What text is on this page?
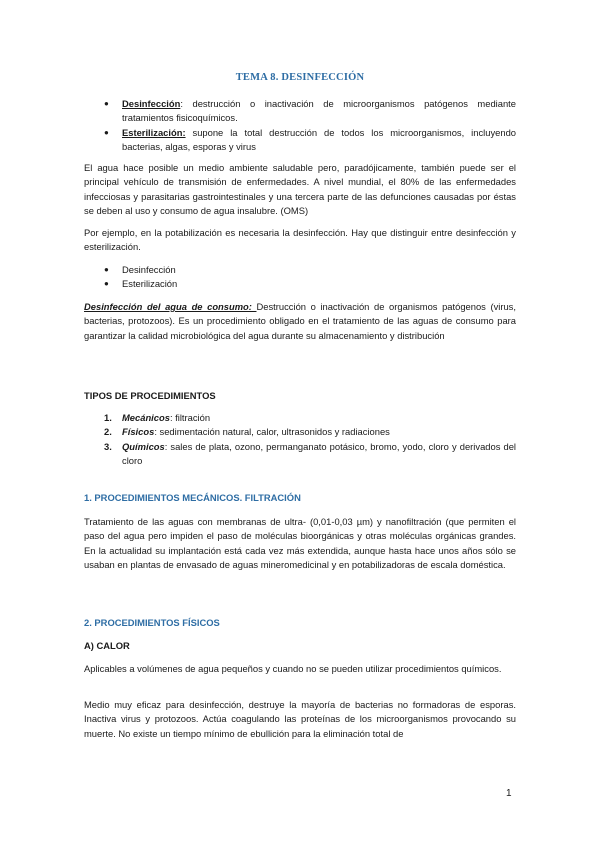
TEMA 8. DESINFECCIÓN
● Desinfección: destrucción o inactivación de microorganismos patógenos mediante tratamientos fisicoquímicos.
● Esterilización: supone la total destrucción de todos los microorganismos, incluyendo bacterias, algas, esporas y virus
El agua hace posible un medio ambiente saludable pero, paradójicamente, también puede ser el principal vehículo de transmisión de enfermedades. A nivel mundial, el 80% de las enfermedades infecciosas y parasitarias gastrointestinales y una tercera parte de las defunciones causadas por éstas se deben al uso y consumo de agua insalubre. (OMS)
Por ejemplo, en la potabilización es necesaria la desinfección. Hay que distinguir entre desinfección y esterilización.
● Desinfección
● Esterilización
Desinfección del agua de consumo: Destrucción o inactivación de organismos patógenos (virus, bacterias, protozoos). Es un procedimiento obligado en el tratamiento de las aguas de consumo para garantizar la calidad microbiológica del agua durante su almacenamiento y distribución
TIPOS DE PROCEDIMIENTOS
1. Mecánicos: filtración
2. Físicos: sedimentación natural, calor, ultrasonidos y radiaciones
3. Químicos: sales de plata, ozono, permanganato potásico, bromo, yodo, cloro y derivados del cloro
1. PROCEDIMIENTOS MECÁNICOS. FILTRACIÓN
Tratamiento de las aguas con membranas de ultra- (0,01-0,03 µm) y nanofiltración (que permiten el paso del agua pero impiden el paso de moléculas bioorgánicas y otras moléculas orgánicas grandes. En la actualidad su implantación está cada vez más extendida, aunque hasta hace unos años sólo se usaban en plantas de envasado de aguas mineromedicinal y en potabilizadoras de escala doméstica.
2. PROCEDIMIENTOS FÍSICOS
A) CALOR
Aplicables a volúmenes de agua pequeños y cuando no se pueden utilizar procedimientos químicos.
Medio muy eficaz para desinfección, destruye la mayoría de bacterias no formadoras de esporas. Inactiva virus y protozoos. Actúa coagulando las proteínas de los microorganismos provocando su muerte. No existe un tiempo mínimo de ebullición para la eliminación total de
1
